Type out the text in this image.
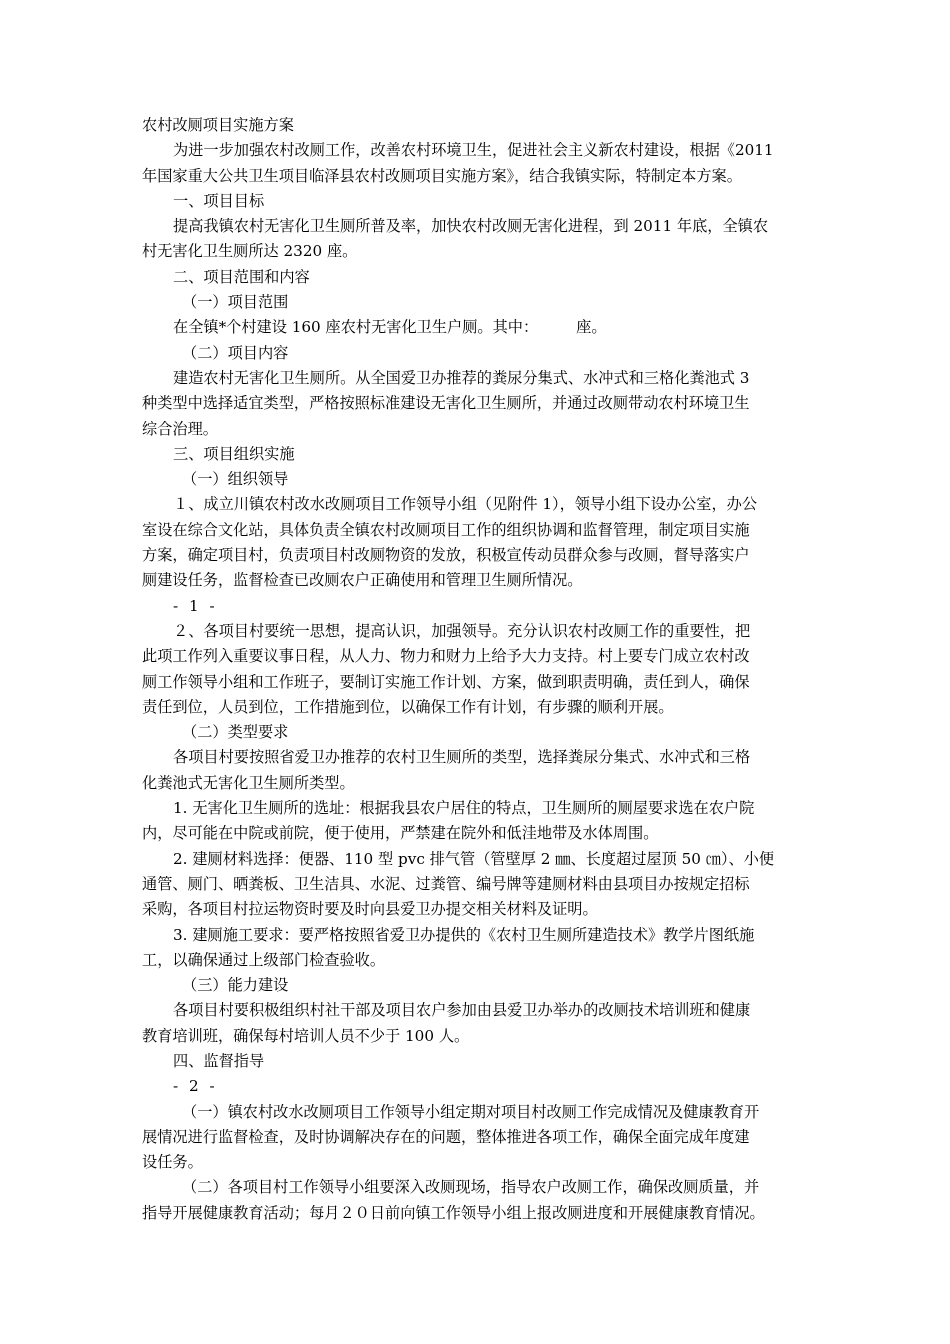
农村改厕项目实施方案
为进一步加强农村改厕工作，改善农村环境卫生，促进社会主义新农村建设，根据《2011
年国家重大公共卫生项目临泽县农村改厕项目实施方案》，结合我镇实际，特制定本方案。
一、项目目标
提高我镇农村无害化卫生厕所普及率，加快农村改厕无害化进程，到 2011 年底，全镇农
村无害化卫生厕所达 2320 座。
二、项目范围和内容
（一）项目范围
在全镇*个村建设 160 座农村无害化卫生户厕。其中：　　　座。
（二）项目内容
建造农村无害化卫生厕所。从全国爱卫办推荐的粪尿分集式、水冲式和三格化粪池式 3
种类型中选择适宜类型，严格按照标准建设无害化卫生厕所，并通过改厕带动农村环境卫生
综合治理。
三、项目组织实施
（一）组织领导
１、成立川镇农村改水改厕项目工作领导小组（见附件 1），领导小组下设办公室，办公
室设在综合文化站，具体负责全镇农村改厕项目工作的组织协调和监督管理，制定项目实施
方案，确定项目村，负责项目村改厕物资的发放，积极宣传动员群众参与改厕，督导落实户
厕建设任务，监督检查已改厕农户正确使用和管理卫生厕所情况。
- 1 -
２、各项目村要统一思想，提高认识，加强领导。充分认识农村改厕工作的重要性，把
此项工作列入重要议事日程，从人力、物力和财力上给予大力支持。村上要专门成立农村改
厕工作领导小组和工作班子，要制订实施工作计划、方案，做到职责明确，责任到人，确保
责任到位，人员到位，工作措施到位，以确保工作有计划，有步骤的顺利开展。
（二）类型要求
各项目村要按照省爱卫办推荐的农村卫生厕所的类型，选择粪尿分集式、水冲式和三格
化粪池式无害化卫生厕所类型。
1. 无害化卫生厕所的选址：根据我县农户居住的特点，卫生厕所的厕屋要求选在农户院
内，尽可能在中院或前院，便于使用，严禁建在院外和低洼地带及水体周围。
2. 建厕材料选择：便器、110 型 pvc 排气管（管壁厚 2 ㎜、长度超过屋顶 50 ㎝）、小便
通管、厕门、晒粪板、卫生洁具、水泥、过粪管、编号牌等建厕材料由县项目办按规定招标
采购，各项目村拉运物资时要及时向县爱卫办提交相关材料及证明。
3. 建厕施工要求：要严格按照省爱卫办提供的《农村卫生厕所建造技术》教学片图纸施
工，以确保通过上级部门检查验收。
（三）能力建设
各项目村要积极组织村社干部及项目农户参加由县爱卫办举办的改厕技术培训班和健康
教育培训班，确保每村培训人员不少于 100 人。
四、监督指导
- 2 -
（一）镇农村改水改厕项目工作领导小组定期对项目村改厕工作完成情况及健康教育开
展情况进行监督检查，及时协调解决存在的问题，整体推进各项工作，确保全面完成年度建
设任务。
（二）各项目村工作领导小组要深入改厕现场，指导农户改厕工作，确保改厕质量，并
指导开展健康教育活动；每月２０日前向镇工作领导小组上报改厕进度和开展健康教育情况。
